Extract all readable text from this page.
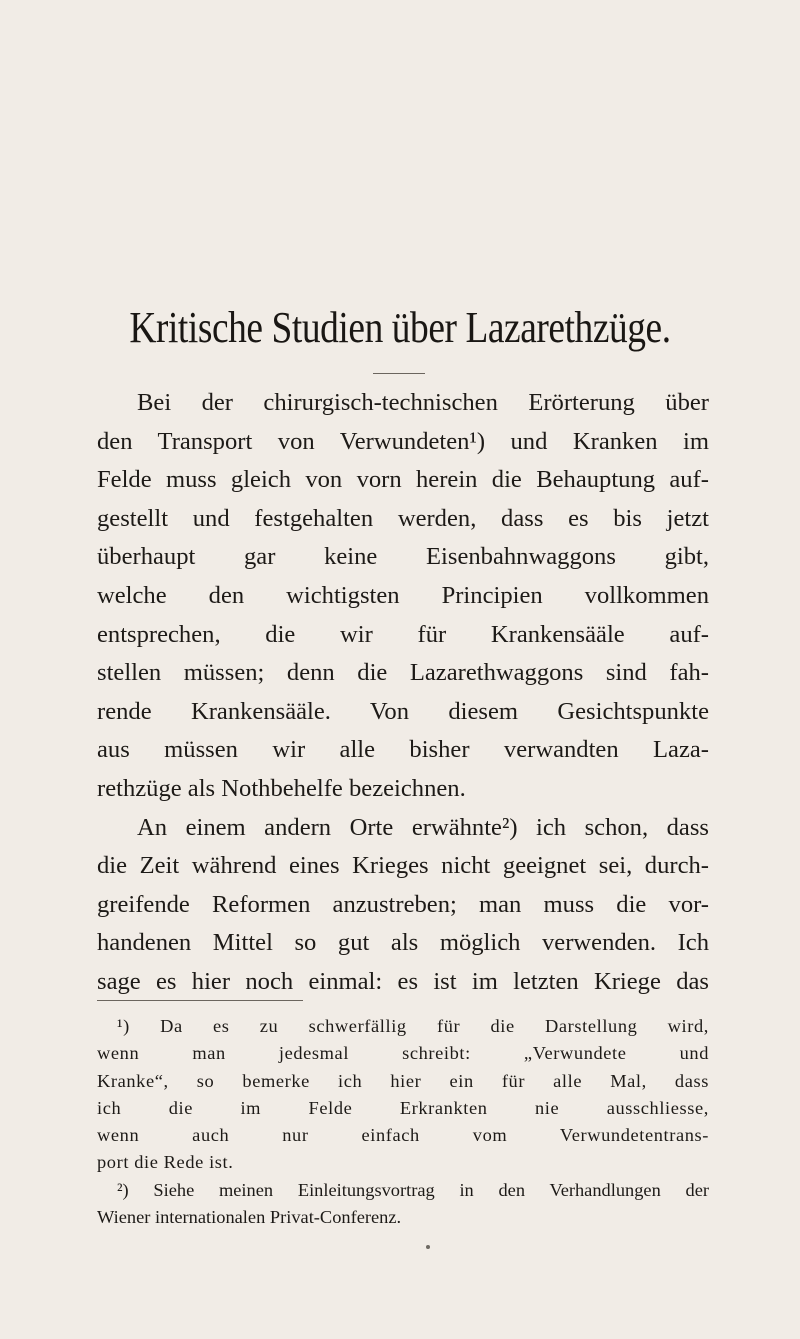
Kritische Studien über Lazarethzüge.
Bei der chirurgisch-technischen Erörterung über
den Transport von Verwundeten¹) und Kranken im
Felde muss gleich von vorn herein die Behauptung auf-
gestellt und festgehalten werden, dass es bis jetzt
überhaupt gar keine Eisenbahnwaggons gibt,
welche den wichtigsten Principien vollkommen
entsprechen, die wir für Krankensääle auf-
stellen müssen; denn die Lazarethwaggons sind fah-
rende Krankensääle. Von diesem Gesichtspunkte
aus müssen wir alle bisher verwandten Laza-
rethzüge als Nothbehelfe bezeichnen.
An einem andern Orte erwähnte²) ich schon, dass
die Zeit während eines Krieges nicht geeignet sei, durch-
greifende Reformen anzustreben; man muss die vor-
handenen Mittel so gut als möglich verwenden. Ich
sage es hier noch einmal: es ist im letzten Kriege das
¹) Da es zu schwerfällig für die Darstellung wird,
wenn man jedesmal schreibt: „Verwundete und
Kranke“, so bemerke ich hier ein für alle Mal, dass
ich die im Felde Erkrankten nie ausschliesse,
wenn auch nur einfach vom Verwundetentrans-
port die Rede ist.
²) Siehe meinen Einleitungsvortrag in den Verhandlungen der
Wiener internationalen Privat-Conferenz.
